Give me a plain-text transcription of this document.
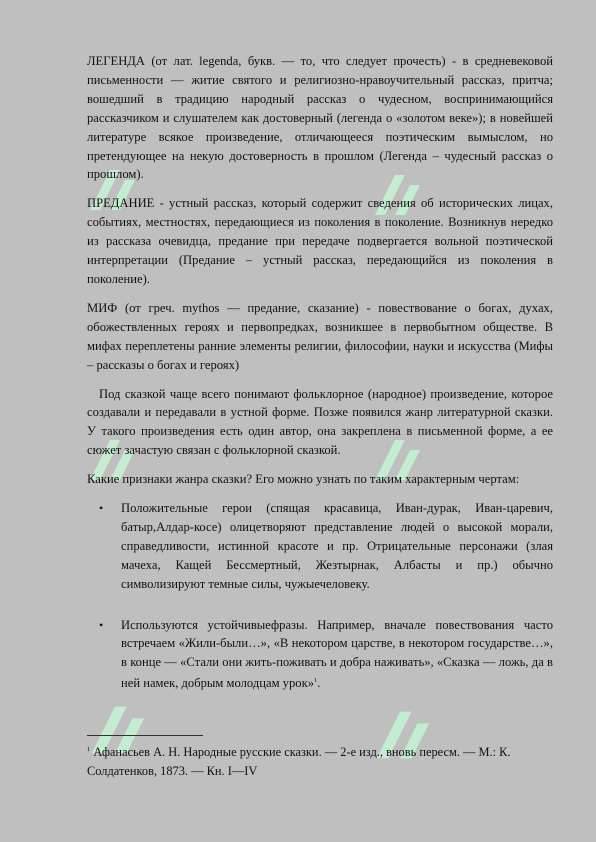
ЛЕГЕНДА (от лат. legenda, букв. — то, что следует прочесть) - в средневековой письменности — житие святого и религиозно-нравоучительный рассказ, притча; вошедший в традицию народный рассказ о чудесном, воспринимающийся рассказчиком и слушателем как достоверный (легенда о «золотом веке»); в новейшей литературе всякое произведение, отличающееся поэтическим вымыслом, но претендующее на некую достоверность в прошлом (Легенда – чудесный рассказ о прошлом).

ПРЕДАНИЕ - устный рассказ, который содержит сведения об исторических лицах, событиях, местностях, передающиеся из поколения в поколение. Возникнув нередко из рассказа очевидца, предание при передаче подвергается вольной поэтической интерпретации (Предание – устный рассказ, передающийся из поколения в поколение).

МИФ (от греч. mythos — предание, сказание) - повествование о богах, духах, обожествленных героях и первопредках, возникшее в первобытном обществе. В мифах переплетены ранние элементы религии, философии, науки и искусства (Мифы – рассказы о богах и героях)

Под сказкой чаще всего понимают фольклорное (народное) произведение, которое создавали и передавали в устной форме. Позже появился жанр литературной сказки. У такого произведения есть один автор, она закреплена в письменной форме, а ее сюжет зачастую связан с фольклорной сказкой.

Какие признаки жанра сказки? Его можно узнать по таким характерным чертам:

• Положительные герои (спящая красавица, Иван-дурак, Иван-царевич, батыр,Алдар-косе) олицетворяют представление людей о высокой морали, справедливости, истинной красоте и пр. Отрицательные персонажи (злая мачеха, Кащей Бессмертный, Жезтырнак, Албасты и пр.) обычно символизируют темные силы, чужыечеловеку.
• Используются устойчивыефразы. Например, вначале повествования часто встречаем «Жили-были…», «В некотором царстве, в некотором государстве…», в конце — «Стали они жить-поживать и добра наживать», «Сказка — ложь, да в ней намек, добрым молодцам урок»$^1$.
$^1$ Афанасьев А. Н. Народные русские сказки. — 2-е изд., вновь пересм. — М.: К. Солдатенков, 1873. — Кн. I—IV
